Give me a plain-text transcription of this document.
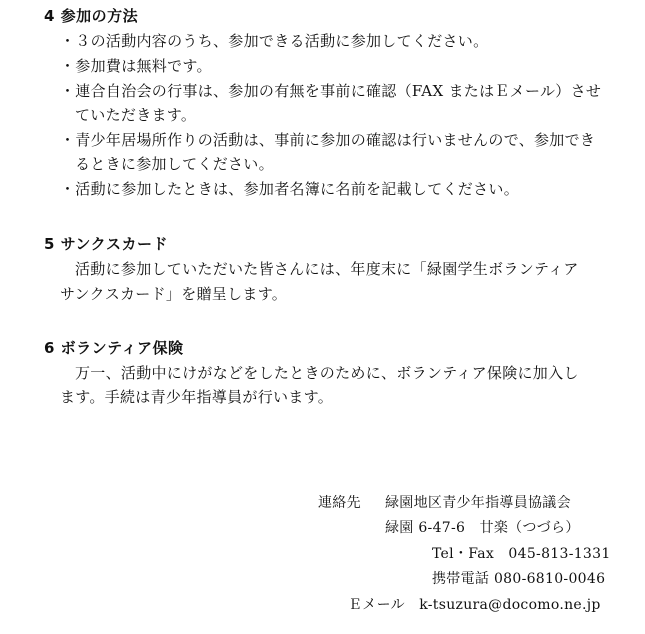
4 参加の方法
・３の活動内容のうち、参加できる活動に参加してください。
・参加費は無料です。
・連合自治会の行事は、参加の有無を事前に確認（FAX またはＥメール）させ
ていただきます。
・青少年居場所作りの活動は、事前に参加の確認は行いませんので、参加でき
るときに参加してください。
・活動に参加したときは、参加者名簿に名前を記載してください。
5 サンクスカード
活動に参加していただいた皆さんには、年度末に「緑園学生ボランティア
サンクスカード」を贈呈します。
6 ボランティア保険
万一、活動中にけがなどをしたときのために、ボランティア保険に加入し
ます。手続は青少年指導員が行います。
連絡先 緑園地区青少年指導員協議会
緑園 6-47-6　廿楽（つづら）
Tel・Fax　045-813-1331
携帯電話 080-6810-0046
Ｅメール　k-tsuzura@docomo.ne.jp
